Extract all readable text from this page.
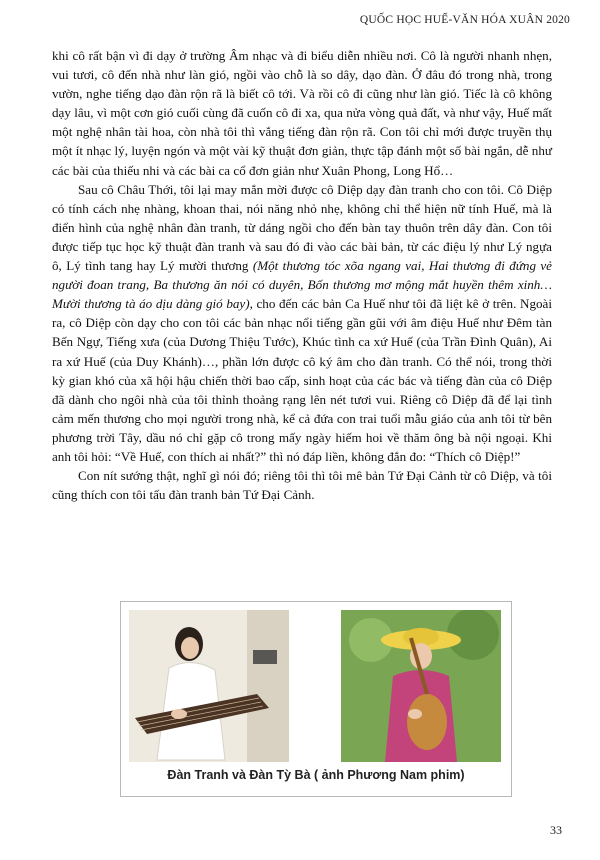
QUỐC HỌC HUẾ-VĂN HÓA XUÂN 2020

khi cô rất bận vì đi dạy ở trường Âm nhạc và đi biểu diễn nhiều nơi. Cô là người nhanh nhẹn, vui tươi, cô đến nhà như làn gió, ngồi vào chỗ là so dây, dạo đàn. Ở đâu đó trong nhà, trong vườn, nghe tiếng dạo đàn rộn rã là biết cô tới. Và rồi cô đi cũng như làn gió. Tiếc là cô không dạy lâu, vì một cơn gió cuối cùng đã cuốn cô đi xa, qua nửa vòng quả đất, và như vậy, Huế mất một nghệ nhân tài hoa, còn nhà tôi thì vắng tiếng đàn rộn rã. Con tôi chỉ mới được truyền thụ một ít nhạc lý, luyện ngón và một vài kỹ thuật đơn giản, thực tập đánh một số bài ngắn, dễ như các bài của thiếu nhi và các bài ca cổ đơn giản như Xuân Phong, Long Hổ…

Sau cô Châu Thới, tôi lại may mắn mời được cô Diệp dạy đàn tranh cho con tôi. Cô Diệp có tính cách nhẹ nhàng, khoan thai, nói năng nhỏ nhẹ, không chỉ thể hiện nữ tính Huế, mà là điển hình của nghệ nhân đàn tranh, từ dáng ngồi cho đến bàn tay thuôn trên dây đàn. Con tôi được tiếp tục học kỹ thuật đàn tranh và sau đó đi vào các bài bản, từ các điệu lý như Lý ngựa ô, Lý tình tang hay Lý mười thương (Một thương tóc xõa ngang vai, Hai thương đi đứng vẻ người đoan trang, Ba thương ăn nói có duyên, Bốn thương mơ mộng mắt huyền thêm xinh… Mười thương tà áo dịu dàng gió bay), cho đến các bản Ca Huế như tôi đã liệt kê ở trên. Ngoài ra, cô Diệp còn dạy cho con tôi các bản nhạc nổi tiếng gần gũi với âm điệu Huế như Đêm tàn Bến Ngự, Tiếng xưa (của Dương Thiệu Tước), Khúc tình ca xứ Huế (của Trần Đình Quân), Ai ra xứ Huế (của Duy Khánh)…, phần lớn được cô ký âm cho đàn tranh. Có thể nói, trong thời kỳ gian khó của xã hội hậu chiến thời bao cấp, sinh hoạt của các bác và tiếng đàn của cô Diệp đã dành cho ngôi nhà của tôi thỉnh thoảng rạng lên nét tươi vui. Riêng cô Diệp đã để lại tình cảm mến thương cho mọi người trong nhà, kể cả đứa con trai tuổi mẫu giáo của anh tôi từ bên phương trời Tây, dầu nó chỉ gặp cô trong mấy ngày hiếm hoi về thăm ông bà nội ngoại. Khi anh tôi hỏi: “Về Huế, con thích ai nhất?” thì nó đáp liền, không đắn đo: “Thích cô Diệp!”

Con nít sướng thật, nghĩ gì nói đó; riêng tôi thì tôi mê bản Tứ Đại Cảnh từ cô Diệp, và tôi cũng thích con tôi tấu đàn tranh bản Tứ Đại Cảnh.

Đàn Tranh và Đàn Tỳ Bà ( ảnh Phương Nam phim)
33
